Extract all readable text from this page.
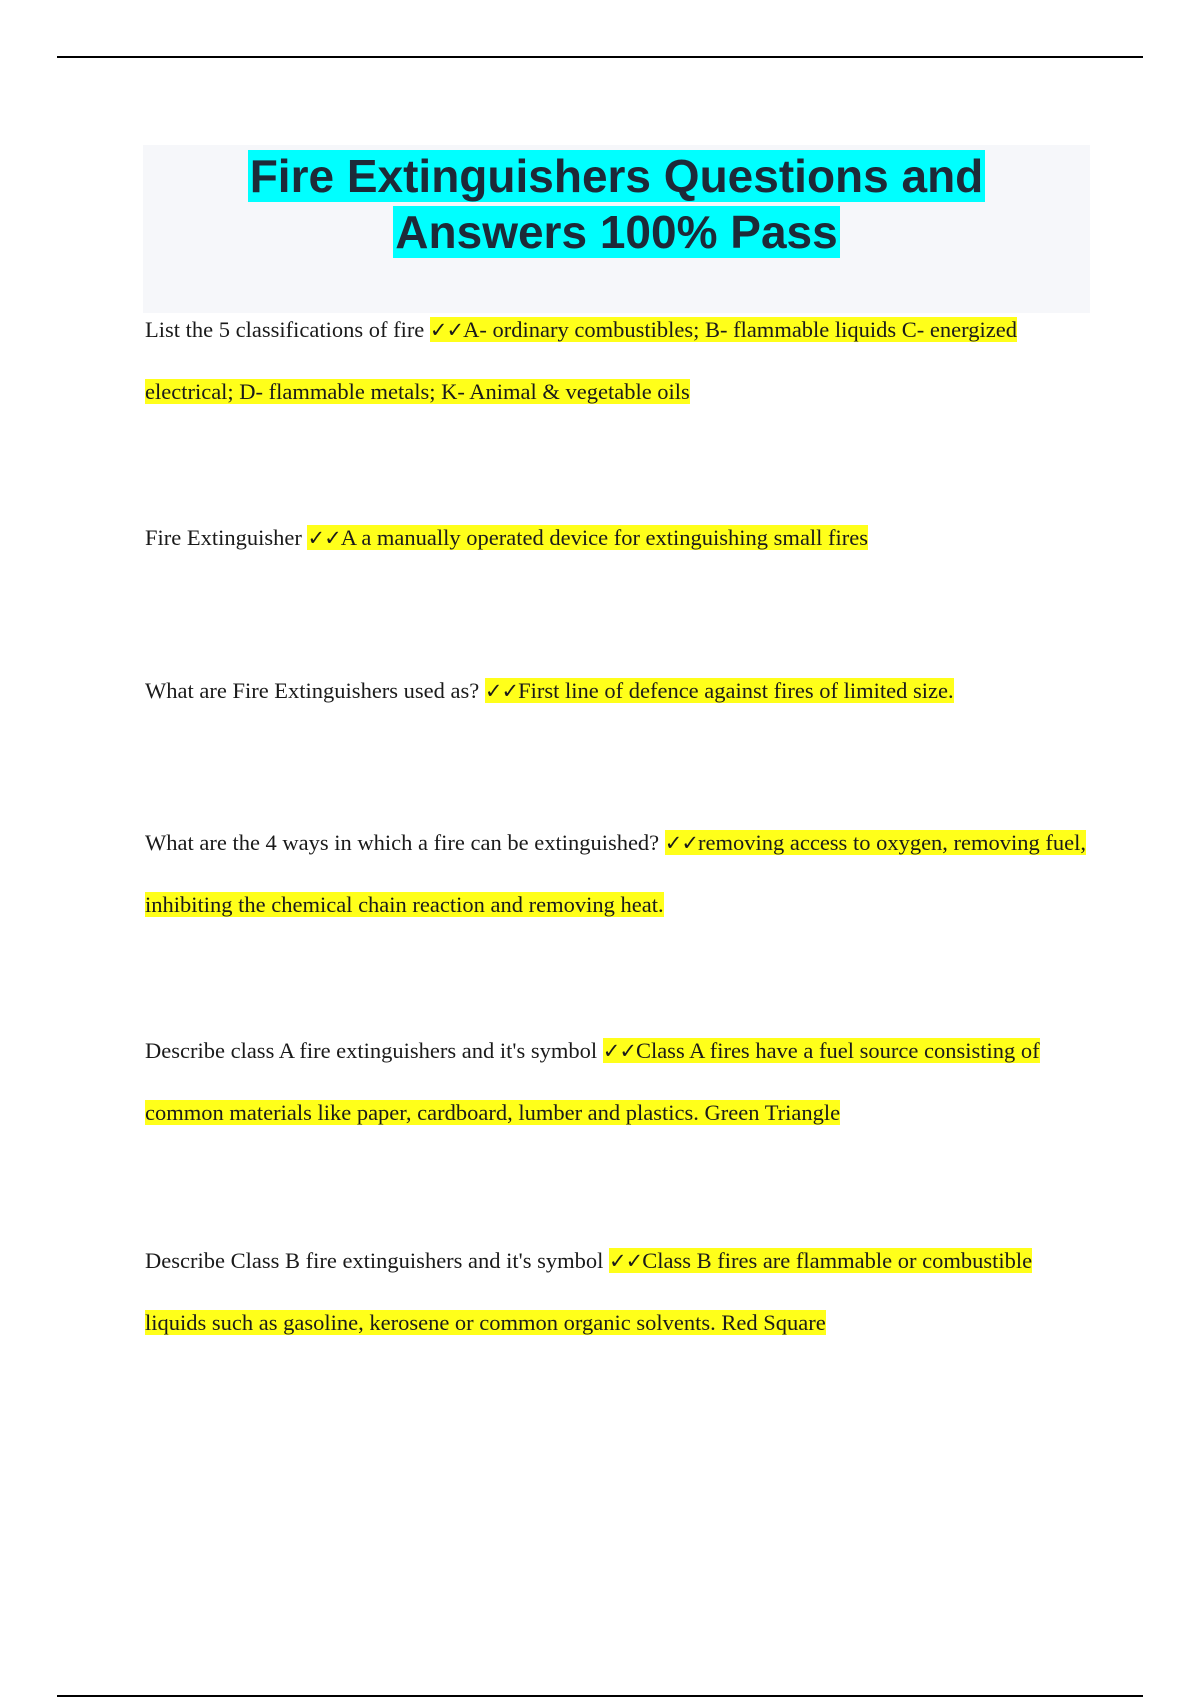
Fire Extinguishers Questions and
Answers 100% Pass

List the 5 classifications of fire ✓✓A- ordinary combustibles; B- flammable liquids C- energized electrical; D- flammable metals; K- Animal & vegetable oils

Fire Extinguisher ✓✓A a manually operated device for extinguishing small fires

What are Fire Extinguishers used as? ✓✓First line of defence against fires of limited size.

What are the 4 ways in which a fire can be extinguished? ✓✓removing access to oxygen, removing fuel, inhibiting the chemical chain reaction and removing heat.

Describe class A fire extinguishers and it's symbol ✓✓Class A fires have a fuel source consisting of common materials like paper, cardboard, lumber and plastics. Green Triangle

Describe Class B fire extinguishers and it's symbol ✓✓Class B fires are flammable or combustible liquids such as gasoline, kerosene or common organic solvents. Red Square
